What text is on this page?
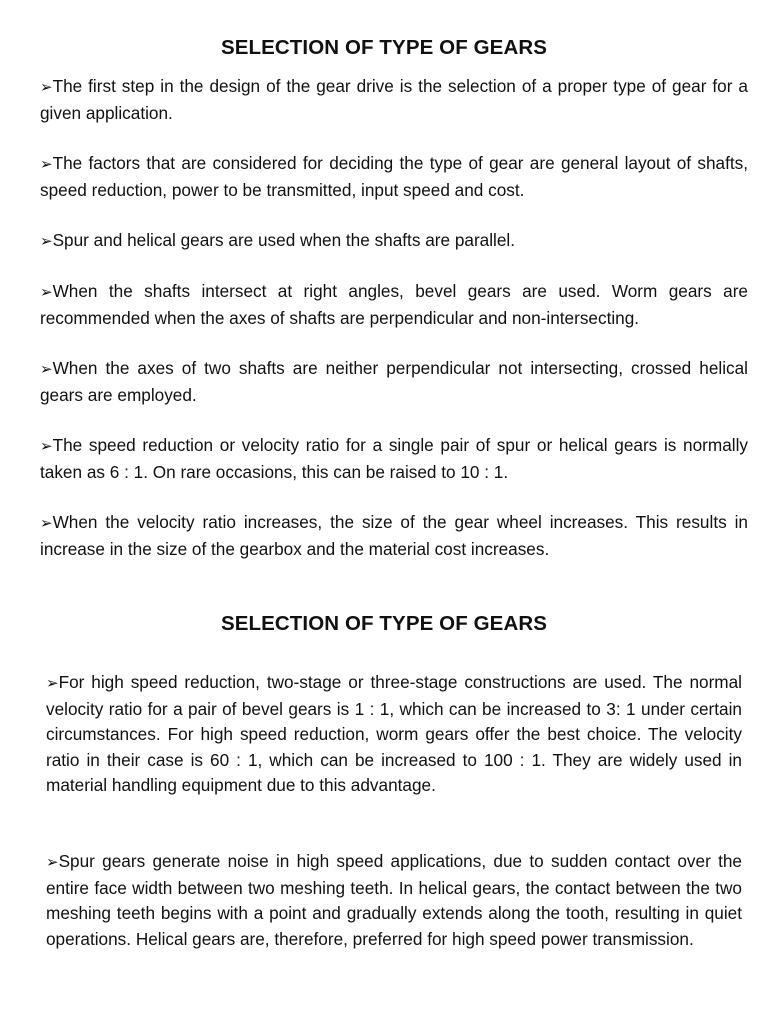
SELECTION OF TYPE OF GEARS

➢The first step in the design of the gear drive is the selection of a proper type of gear for a given application.

➢The factors that are considered for deciding the type of gear are general layout of shafts, speed reduction, power to be transmitted, input speed and cost.

➢Spur and helical gears are used when the shafts are parallel.

➢When the shafts intersect at right angles, bevel gears are used. Worm gears are recommended when the axes of shafts are perpendicular and non-intersecting.

➢When the axes of two shafts are neither perpendicular not intersecting, crossed helical gears are employed.

➢The speed reduction or velocity ratio for a single pair of spur or helical gears is normally taken as 6 : 1. On rare occasions, this can be raised to 10 : 1.

➢When the velocity ratio increases, the size of the gear wheel increases. This results in increase in the size of the gearbox and the material cost increases.

SELECTION OF TYPE OF GEARS

➢For high speed reduction, two-stage or three-stage constructions are used. The normal velocity ratio for a pair of bevel gears is 1 : 1, which can be increased to 3: 1 under certain circumstances. For high speed reduction, worm gears offer the best choice. The velocity ratio in their case is 60 : 1, which can be increased to 100 : 1. They are widely used in material handling equipment due to this advantage.

➢Spur gears generate noise in high speed applications, due to sudden contact over the entire face width between two meshing teeth. In helical gears, the contact between the two meshing teeth begins with a point and gradually extends along the tooth, resulting in quiet operations. Helical gears are, therefore, preferred for high speed power transmission.
